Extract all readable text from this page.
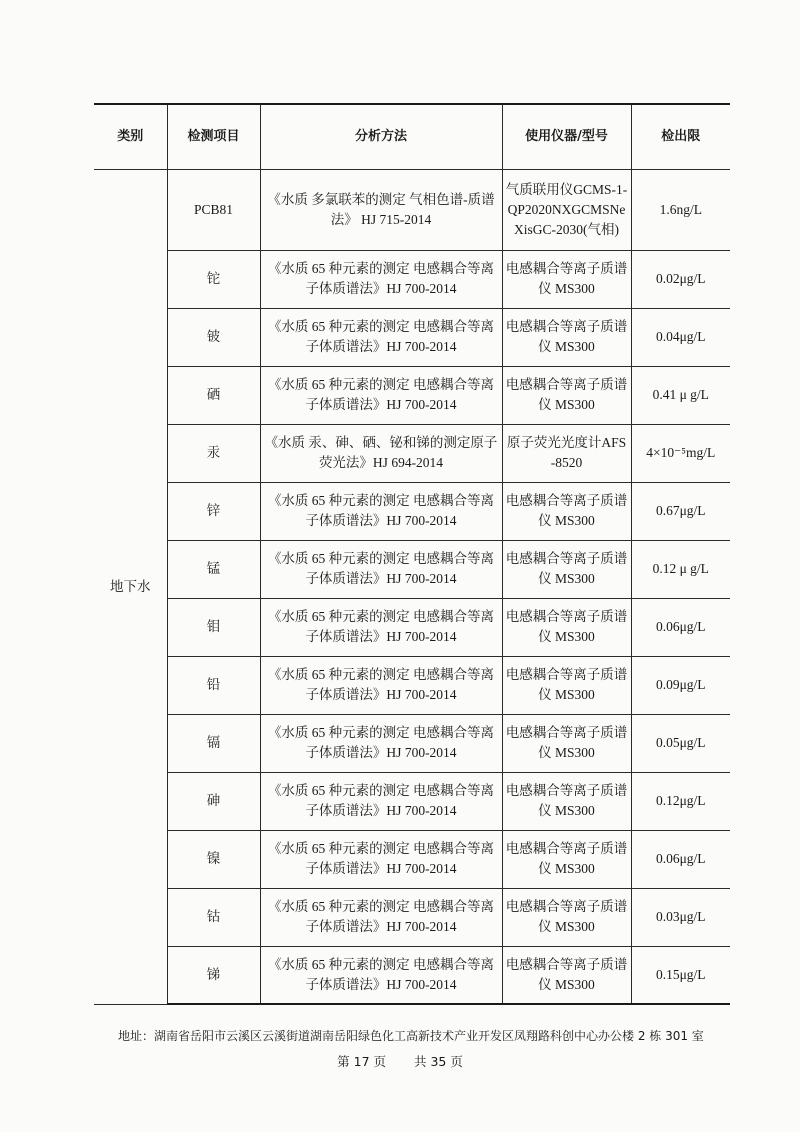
类别	检测项目	分析方法	使用仪器/型号	检出限
地下水	PCB81	《水质 多氯联苯的测定 气相色谱-质谱法》 HJ 715-2014	气质联用仪GCMS-1-QP2020NXGCMSNeXisGC-2030(气相)	1.6ng/L
	铊	《水质 65 种元素的测定 电感耦合等离子体质谱法》HJ 700-2014	电感耦合等离子质谱仪 MS300	0.02μg/L
	铍	《水质 65 种元素的测定 电感耦合等离子体质谱法》HJ 700-2014	电感耦合等离子质谱仪 MS300	0.04μg/L
	硒	《水质 65 种元素的测定 电感耦合等离子体质谱法》HJ 700-2014	电感耦合等离子质谱仪 MS300	0.41 μ g/L
	汞	《水质 汞、砷、硒、铋和锑的测定原子荧光法》HJ 694-2014	原子荧光光度计AFS-8520	4×10⁻⁵mg/L
	锌	《水质 65 种元素的测定 电感耦合等离子体质谱法》HJ 700-2014	电感耦合等离子质谱仪 MS300	0.67μg/L
	锰	《水质 65 种元素的测定 电感耦合等离子体质谱法》HJ 700-2014	电感耦合等离子质谱仪 MS300	0.12 μ g/L
	钼	《水质 65 种元素的测定 电感耦合等离子体质谱法》HJ 700-2014	电感耦合等离子质谱仪 MS300	0.06μg/L
	铅	《水质 65 种元素的测定 电感耦合等离子体质谱法》HJ 700-2014	电感耦合等离子质谱仪 MS300	0.09μg/L
	镉	《水质 65 种元素的测定 电感耦合等离子体质谱法》HJ 700-2014	电感耦合等离子质谱仪 MS300	0.05μg/L
	砷	《水质 65 种元素的测定 电感耦合等离子体质谱法》HJ 700-2014	电感耦合等离子质谱仪 MS300	0.12μg/L
	镍	《水质 65 种元素的测定 电感耦合等离子体质谱法》HJ 700-2014	电感耦合等离子质谱仪 MS300	0.06μg/L
	钴	《水质 65 种元素的测定 电感耦合等离子体质谱法》HJ 700-2014	电感耦合等离子质谱仪 MS300	0.03μg/L
	锑	《水质 65 种元素的测定 电感耦合等离子体质谱法》HJ 700-2014	电感耦合等离子质谱仪 MS300	0.15μg/L
地址：湖南省岳阳市云溪区云溪街道湖南岳阳绿色化工高新技术产业开发区凤翔路科创中心办公楼 2 栋 301 室
第 17 页 共 35 页
